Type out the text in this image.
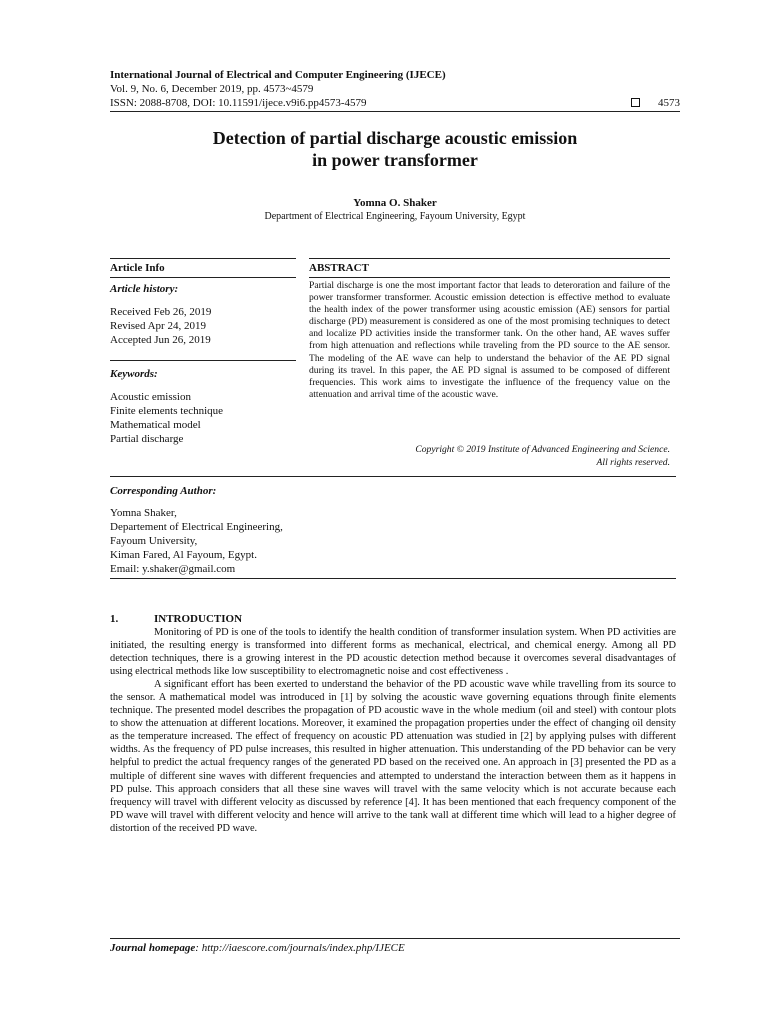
International Journal of Electrical and Computer Engineering (IJECE)
Vol. 9, No. 6, December 2019, pp. 4573~4579
ISSN: 2088-8708, DOI: 10.11591/ijece.v9i6.pp4573-4579	4573
Detection of partial discharge acoustic emission
in power transformer
Yomna O. Shaker
Department of Electrical Engineering, Fayoum University, Egypt
Article Info
Article history:
Received Feb 26, 2019
Revised Apr 24, 2019
Accepted Jun 26, 2019
Keywords:
Acoustic emission
Finite elements technique
Mathematical model
Partial discharge
ABSTRACT
Partial discharge is one the most important factor that leads to deteroration and failure of the power transformer transformer. Acoustic emission detection is effective method to evaluate the health index of the power transformer using acoustic emission (AE) sensors for partial discharge (PD) measurement is considered as one of the most promising techniques to detect and localize PD activities inside the transformer tank. On the other hand, AE waves suffer from high attenuation and reflections while traveling from the PD source to the AE sensor. The modeling of the AE wave can help to understand the behavior of the AE PD signal during its travel. In this paper, the AE PD signal is assumed to be composed of different frequencies. This work aims to investigate the influence of the frequency value on the attenuation and arrival time of the acoustic wave.
Copyright © 2019 Institute of Advanced Engineering and Science.
All rights reserved.
Corresponding Author:
Yomna Shaker,
Departement of Electrical Engineering,
Fayoum University,
Kiman Fared, Al Fayoum, Egypt.
Email: y.shaker@gmail.com
1.	INTRODUCTION

Monitoring of PD is one of the tools to identify the health condition of transformer insulation system. When PD activities are initiated, the resulting energy is transformed into different forms as mechanical, electrical, and chemical energy. Among all PD detection techniques, there is a growing interest in the PD acoustic detection method because it overcomes several disadvantages of using electrical methods like low susceptibility to electromagnetic noise and cost effectiveness .

A significant effort has been exerted to understand the behavior of the PD acoustic wave while travelling from its source to the sensor. A mathematical model was introduced in [1] by solving the acoustic wave governing equations through finite elements technique. The presented model describes the propagation of PD acoustic wave in the whole medium (oil and steel) with contour plots to show the attenuation at different locations. Moreover, it examined the propagation properties under the effect of changing oil density as the temperature increased. The effect of frequency on acoustic PD attenuation was studied in [2] by applying pulses with different widths. As the frequency of PD pulse increases, this resulted in higher attenuation. This understanding of the PD behavior can be very helpful to predict the actual frequency ranges of the generated PD based on the received one. An approach in [3] presented the PD as a multiple of different sine waves with different frequencies and attempted to understand the interaction between them as it happens in PD pulse. This approach considers that all these sine waves will travel with the same velocity which is not accurate because each frequency will travel with different velocity as discussed by reference [4]. It has been mentioned that each frequency component of the PD wave will travel with different velocity and hence will arrive to the tank wall at different time which will lead to a higher degree of distortion of the received PD wave.

Journal homepage: http://iaescore.com/journals/index.php/IJECE
